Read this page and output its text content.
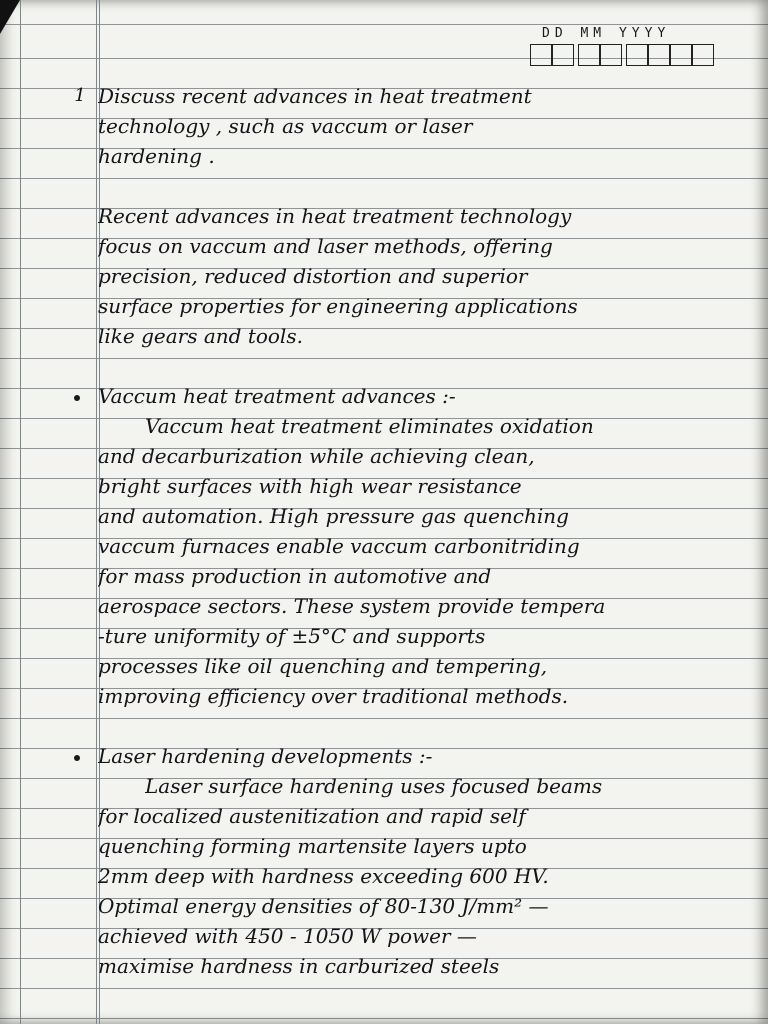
DD MM YYYY
1 Discuss recent advances in heat treatment
technology , such as vaccum or laser
hardening .
Recent advances in heat treatment technology
focus on vaccum and laser methods, offering
precision, reduced distortion and superior
surface properties for engineering applications
like gears and tools.
Vaccum heat treatment advances :-
Vaccum heat treatment eliminates oxidation
and decarburization while achieving clean,
bright surfaces with high wear resistance
and automation. High pressure gas quenching
vaccum furnaces enable vaccum carbonitriding
for mass production in automotive and
aerospace sectors. These system provide tempera
-ture uniformity of ±5°C and supports
processes like oil quenching and tempering,
improving efficiency over traditional methods.
Laser hardening developments :-
Laser surface hardening uses focused beams
for localized austenitization and rapid self
quenching forming martensite layers upto
2mm deep with hardness exceeding 600 HV.
Optimal energy densities of 80-130 J/mm² —
achieved with 450 - 1050 W power —
maximise hardness in carburized steels
